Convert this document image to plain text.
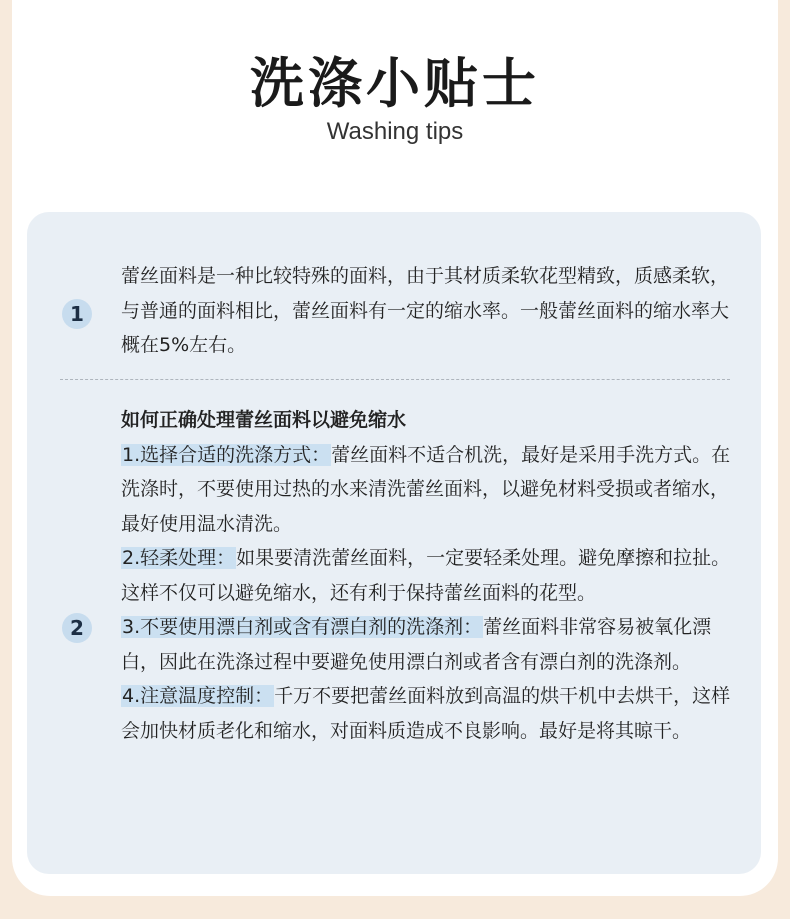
洗涤小贴士
Washing tips
1
蕾丝面料是一种比较特殊的面料，由于其材质柔软花型精致，质感柔软，与普通的面料相比，蕾丝面料有一定的缩水率。一般蕾丝面料的缩水率大概在5%左右。
2
如何正确处理蕾丝面料以避免缩水
1.选择合适的洗涤方式：蕾丝面料不适合机洗，最好是采用手洗方式。在洗涤时，不要使用过热的水来清洗蕾丝面料，以避免材料受损或者缩水，最好使用温水清洗。
2.轻柔处理：如果要清洗蕾丝面料，一定要轻柔处理。避免摩擦和拉扯。这样不仅可以避免缩水，还有利于保持蕾丝面料的花型。
3.不要使用漂白剂或含有漂白剂的洗涤剂：蕾丝面料非常容易被氧化漂白，因此在洗涤过程中要避免使用漂白剂或者含有漂白剂的洗涤剂。
4.注意温度控制：千万不要把蕾丝面料放到高温的烘干机中去烘干，这样会加快材质老化和缩水，对面料质造成不良影响。最好是将其晾干。
